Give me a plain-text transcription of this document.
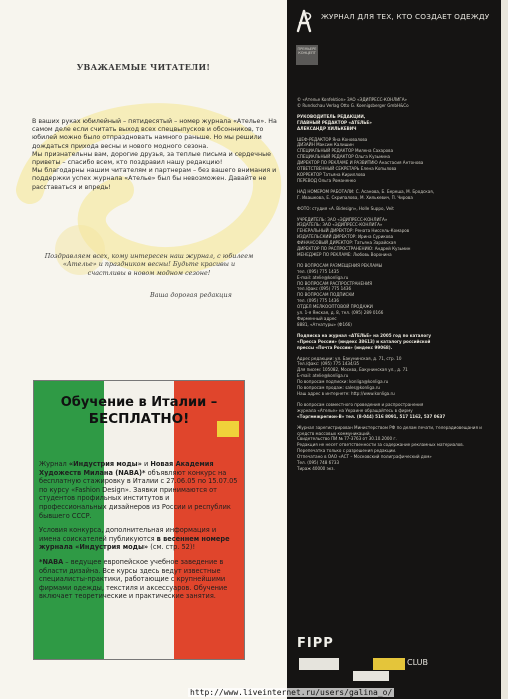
УВАЖАЕМЫЕ ЧИТАТЕЛИ!

В ваших руках юбилейный – пятидесятый – номер журнала «Ателье». На самом деле если считать выход всех спецвыпусков и обсонников, то юбилей можно было отпраздновать намного раньше. Но мы решили дождаться прихода весны и нового модного сезона.

Мы признательны вам, дорогие друзья, за теплые письма и сердечные приветы – спасибо всем, кто поздравил нашу редакцию!

Мы благодарны нашим читателям и партнерам – без вашего внимания и поддержки успех журнала «Ателье» был бы невозможен. Давайте не расставаться и впредь!

Поздравляем всех, кому интересен наш журнал, с юбилеем «Ателье» и праздником весны! Будьте красивы и счастливы в новом модном сезоне!
Ваша дорогая редакция
Обучение в Италии –
БЕСПЛАТНО!

Журнал «Индустрия моды» и Новая Академия Художеств Милана (NABA)* объявляют конкурс на бесплатную стажировку в Италии с 27.06.05 по 15.07.05 по курсу «Fashion Design». Заявки принимаются от студентов профильных институтов и профессиональных дизайнеров из России и республик бывшего СССР.

Условия конкурса, дополнительная информация и имена соискателей публикуются в весеннем номере журнала «Индустрия моды» (см. стр. 52)!

*NABA – ведущее европейское учебное заведение в области дизайна. Все курсы здесь ведут известные специалисты-практики, работающие с крупнейшими фирмами одежды, текстиля и аксессуаров. Обучение включает теоретические и практические занятия.

ЖУРНАЛ ДЛЯ ТЕХ, КТО СОЗДАЕТ ОДЕЖДУ
ПРЕМЬЕРЕ КОНЦЕПТ
© «Ателье Konfektion» ЗАО «ЭДИПРЕСС-КОНЛИГА»
© Rundschau Verlag Otto G. Koenigsberger GmbH&Co
РУКОВОДИТЕЛЬ РЕДАКЦИИ,
ГЛАВНЫЙ РЕДАКТОР «АТЕЛЬЕ»
АЛЕКСАНДР ХИЛЬКЕВИЧ
ШЕФ-РЕДАКТОР Яна Коновалова
ДИЗАЙН Максим Калишин
СПЕЦИАЛЬНЫЙ РЕДАКТОР Милена Сахарова
СПЕЦИАЛЬНЫЙ РЕДАКТОР Ольга Кузьмина
ДИРЕКТОР ПО РЕКЛАМЕ И РАЗВИТИЮ Анастасия Антонова
ОТВЕТСТВЕННЫЙ СЕКРЕТАРЬ Елена Копылова
КОРРЕКТОР Татьяна Кириллова
ПЕРЕВОД Ольга Романенко
НАД НОМЕРОМ РАБОТАЛИ: С. Асанова, Б. Береша, М. Бродская,
Г. Ивашкова, Е. Скрипалова, М. Хилькевич, П. Чирова
ФОТО: студия «A. Bidesign», Holle Suppo, Veit
УЧРЕДИТЕЛЬ: ЗАО «ЭДИПРЕСС-КОНЛИГА»
ИЗДАТЕЛЬ: ЗАО «ЭДИПРЕСС-КОНЛИГА»
ГЕНЕРАЛЬНЫЙ ДИРЕКТОР: Рената Ниссель-Комаров
ИЗДАТЕЛЬСКИЙ ДИРЕКТОР: Ирина Сурикова
ФИНАНСОВЫЙ ДИРЕКТОР: Татьяна Зарайская
ДИРЕКТОР ПО РАСПРОСТРАНЕНИЮ: Андрей Кузьмин
МЕНЕДЖЕР ПО РЕКЛАМЕ: Любовь Воронина
ПО ВОПРОСАМ РАЗМЕЩЕНИЯ РЕКЛАМЫ
тел. (095) 775 1435
E-mail: atelie@konliga.ru
ПО ВОПРОСАМ РАСПРОСТРАНЕНИЯ
тел./факс (095) 775 1436
ПО ВОПРОСАМ ПОДПИСКИ
тел. (095) 775 1436
ОТДЕЛ МЕЛКООПТОВОЙ ПРОДАЖИ
ул. 1-я Ямская, д. 8, тел. (095) 289 0166
Фирменный адрес
8881, «Атнатуры» (Ф166)
Подписка на журнал «АТЕЛЬЕ» на 2005 год по каталогу
«Пресса России» (индекс 38613) и каталогу российской
прессы «Почта России» (индекс 99068).
Адрес редакции: ул. Бакунинская, д. 71, стр. 10
Тел./факс: (095) 775 1434/35
Для писем: 105082, Москва, Бакунинская ул., д. 71
E-mail: atelie@konliga.ru
По вопросам подписки: konliga@konliga.ru
По вопросам продаж: sales@konliga.ru
Наш адрес в интернете: http://www.konliga.ru
По вопросам совместного проведения и распространения
журнала «Ателье» на Украине обращайтесь в фирму
«Торгмежрегион-В» тел. (8-044) 516 8091, 517 1162, 537 0637
Журнал зарегистрирован Министерством РФ по делам печати, телерадиовещания и средств массовых коммуникаций.
Свидетельство ПИ № 77-3763 от 30.10.2000 г.
Редакция не несет ответственности за содержание рекламных материалов. Перепечатка только с разрешения редакции.
Отпечатано в ОАО «АСТ – Московский полиграфический дом»
Тел. (095) 748 6733
Тираж 40000 экз.
FIPP
CLUB
http://www.liveinternet.ru/users/galina_o/
